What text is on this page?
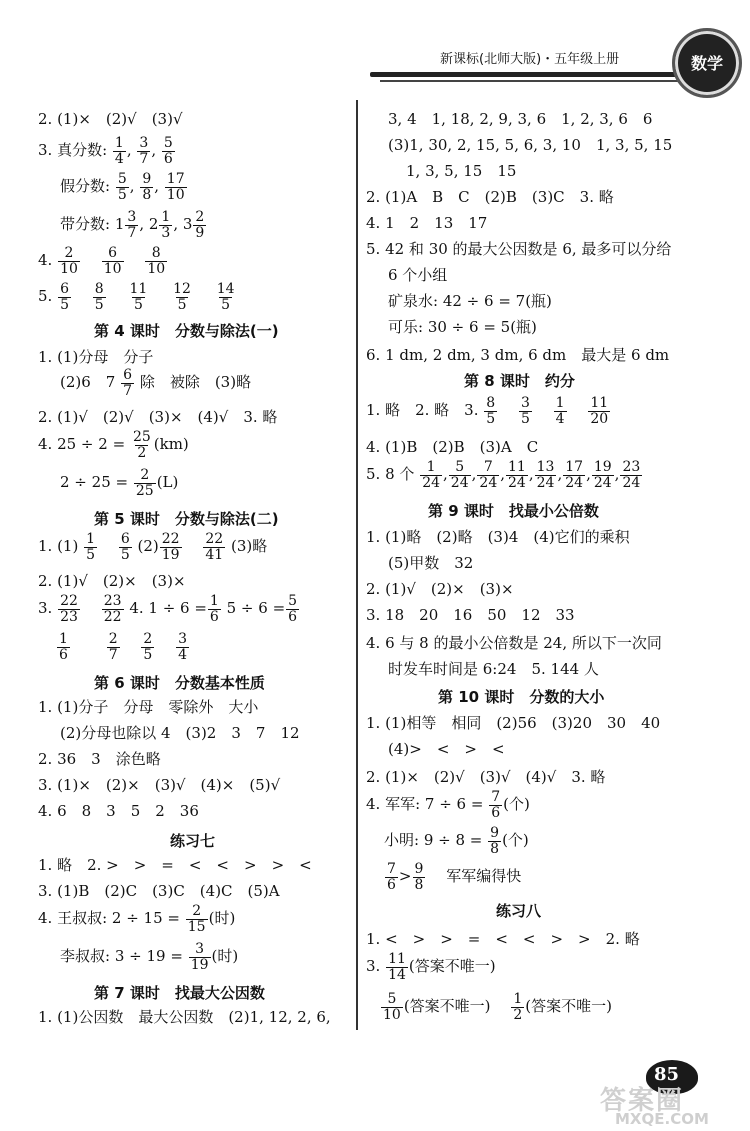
新课标(北师大版)・五年级上册	数学
2. (1)×　(2)√　(3)√
3. 真分数: $\frac{1}{4}$ , $\frac{3}{7}$ , $\frac{5}{6}$
假分数: $\frac{5}{5}$ , $\frac{9}{8}$ , $\frac{17}{10}$
带分数: $1 \frac{3}{7}$ , $2 \frac{1}{3}$ , $3 \frac{2}{9}$
4. $\frac{2}{10}$
　 $\frac{6}{10}$
　 $\frac{8}{10}$
5. $\frac{6}{5}$
　 $\frac{8}{5}$
　 $\frac{11}{5}$
　 $\frac{12}{5}$
　 $\frac{14}{5}$
第 4 课时　分数与除法(一)
1. (1)分母　分子
(2)6　$7 \frac{6}{7}$ 除　被除　(3)略
2. (1)√　(2)√　(3)×　(4)√　3. 略
4. $25 \div 2 = \frac{25}{2} (km)$
$2 \div 25 = \frac{2}{25} (L)$
第 5 课时　分数与除法(二)
1. $(1) \frac{1}{5}$
　 $\frac{6}{5} (2) \frac{22}{19}$
　 $\frac{22}{41} (3)$略
2. (1)√　(2)×　(3)×
3. $\frac{22}{23}$
　 $\frac{23}{22} 4$. $1 \div 6 = \frac{1}{6} 5 \div 6 = \frac{5}{6}$
$\frac{1}{6}$
　　	$\frac{2}{7}$
　 $\frac{2}{5}$
　 $\frac{3}{4}$
第 6 课时　分数基本性质
1. (1)分子　分母　零除外　大小
(2)分母也除以 4　(3)2　3　7　12
2. 36　3　涂色略
3. (1)×　(2)×　(3)√　(4)×　(5)√
4. 6　8　3　5　2　36
练习七
1. 略　2. >　>　=　<　<　>　>　<
3. (1)B　(2)C　(3)C　(4)C　(5)A
4. 王叔叔: $2 \div 15 = \frac{2}{15}$ (时)
李叔叔: $3 \div 19 = \frac{3}{19}$ (时)
第 7 课时　找最大公因数
1. (1)公因数　最大公因数　(2)1, 12, 2, 6,
3, 4　1, 18, 2, 9, 3, 6　1, 2, 3, 6　6
(3)1, 30, 2, 15, 5, 6, 3, 10　1, 3, 5, 15
1, 3, 5, 15　15
2. (1)A　B　C　(2)B　(3)C　3. 略
4. 1　2　13　17
5. 42 和 30 的最大公因数是 6, 最多可以分给
6 个小组
矿泉水: 42 ÷ 6 = 7(瓶)
可乐: 30 ÷ 6 = 5(瓶)
6. 1 dm, 2 dm, 3 dm, 6 dm　最大是 6 dm
第 8 课时　约分
1. 略　2. 略　3. $\frac{8}{5}$
　 $\frac{3}{5}$
　 $\frac{1}{4}$
　 $\frac{11}{20}$
4. (1)B　(2)B　(3)A　C
5. 8 个 $\frac{1}{24}$ , $\frac{5}{24}$ , $\frac{7}{24}$ , $\frac{11}{24}$ , $\frac{13}{24}$ , $\frac{17}{24}$ , $\frac{19}{24}$ , $\frac{23}{24}$
第 9 课时　找最小公倍数
1. (1)略　(2)略　(3)4　(4)它们的乘积
(5)甲数　32
2. (1)√　(2)×　(3)×
3. 18　20　16　50　12　33
4. 6 与 8 的最小公倍数是 24, 所以下一次同
时发车时间是 6:24　5. 144 人
第 10 课时　分数的大小
1. (1)相等　相同　(2)56　(3)20　30　40
(4)>　<　>　<
2. (1)×　(2)√　(3)√　(4)√　3. 略
4. 军军: $7 \div 6 = \frac{7}{6}$ (个)
小明: $9 \div 8 = \frac{9}{8}$ (个)
$\frac{7}{6} > \frac{9}{8}$
　 军军编得快
练习八
1. <　>　>　=　<　<　>　>　2. 略
3. $\frac{11}{14}$ (答案不唯一)
$\frac{5}{10}$ (答案不唯一)　 $\frac{1}{2}$ (答案不唯一)
85
答案圈
MXQE.COM
